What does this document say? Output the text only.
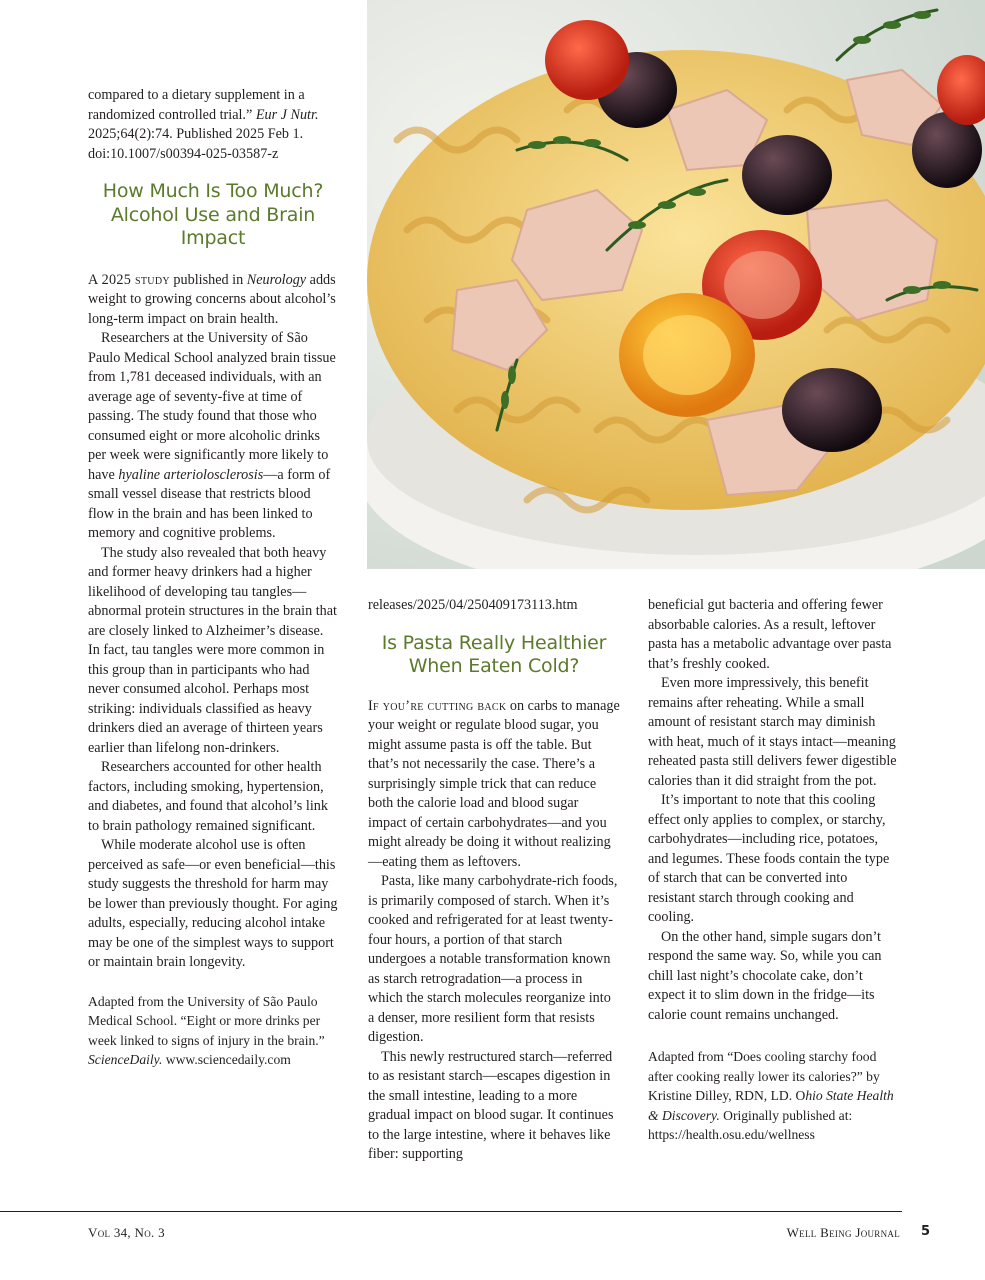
compared to a dietary supplement in a randomized controlled trial.” Eur J Nutr. 2025;64(2):74. Published 2025 Feb 1. doi:10.1007/s00394-025-03587-z

How Much Is Too Much? Alcohol Use and Brain Impact

A 2025 study published in Neurology adds weight to growing concerns about alcohol’s long-term impact on brain health.

Researchers at the University of São Paulo Medical School analyzed brain tissue from 1,781 deceased individuals, with an average age of seventy-five at time of passing. The study found that those who consumed eight or more alcoholic drinks per week were significantly more likely to have hyaline arteriolosclerosis—a form of small vessel disease that restricts blood flow in the brain and has been linked to memory and cognitive problems.

The study also revealed that both heavy and former heavy drinkers had a higher likelihood of developing tau tangles—abnormal protein structures in the brain that are closely linked to Alzheimer’s disease. In fact, tau tangles were more common in this group than in participants who had never consumed alcohol. Perhaps most striking: individuals classified as heavy drinkers died an average of thirteen years earlier than lifelong non-drinkers.

Researchers accounted for other health factors, including smoking, hypertension, and diabetes, and found that alcohol’s link to brain pathology remained significant.

While moderate alcohol use is often perceived as safe—or even beneficial—this study suggests the threshold for harm may be lower than previously thought. For aging adults, especially, reducing alcohol intake may be one of the simplest ways to support or maintain brain longevity.

Adapted from the University of São Paulo Medical School. “Eight or more drinks per week linked to signs of injury in the brain.” ScienceDaily. www.sciencedaily.com

releases/2025/04/250409173113.htm

Is Pasta Really Healthier When Eaten Cold?

If you’re cutting back on carbs to manage your weight or regulate blood sugar, you might assume pasta is off the table. But that’s not necessarily the case. There’s a surprisingly simple trick that can reduce both the calorie load and blood sugar impact of certain carbohydrates—and you might already be doing it without realizing—eating them as leftovers.

Pasta, like many carbohydrate-rich foods, is primarily composed of starch. When it’s cooked and refrigerated for at least twenty-four hours, a portion of that starch undergoes a notable transformation known as starch retrogradation—a process in which the starch molecules reorganize into a denser, more resilient form that resists digestion.

This newly restructured starch—referred to as resistant starch—escapes digestion in the small intestine, leading to a more gradual impact on blood sugar. It continues to the large intestine, where it behaves like fiber: supporting

beneficial gut bacteria and offering fewer absorbable calories. As a result, leftover pasta has a metabolic advantage over pasta that’s freshly cooked.

Even more impressively, this benefit remains after reheating. While a small amount of resistant starch may diminish with heat, much of it stays intact—meaning reheated pasta still delivers fewer digestible calories than it did straight from the pot.

It’s important to note that this cooling effect only applies to complex, or starchy, carbohydrates—including rice, potatoes, and legumes. These foods contain the type of starch that can be converted into resistant starch through cooking and cooling.

On the other hand, simple sugars don’t respond the same way. So, while you can chill last night’s chocolate cake, don’t expect it to slim down in the fridge—its calorie count remains unchanged.

Adapted from “Does cooling starchy food after cooking really lower its calories?” by Kristine Dilley, RDN, LD. Ohio State Health & Discovery. Originally published at: https://health.osu.edu/wellness

Vol 34, No. 3	Well Being Journal 5
